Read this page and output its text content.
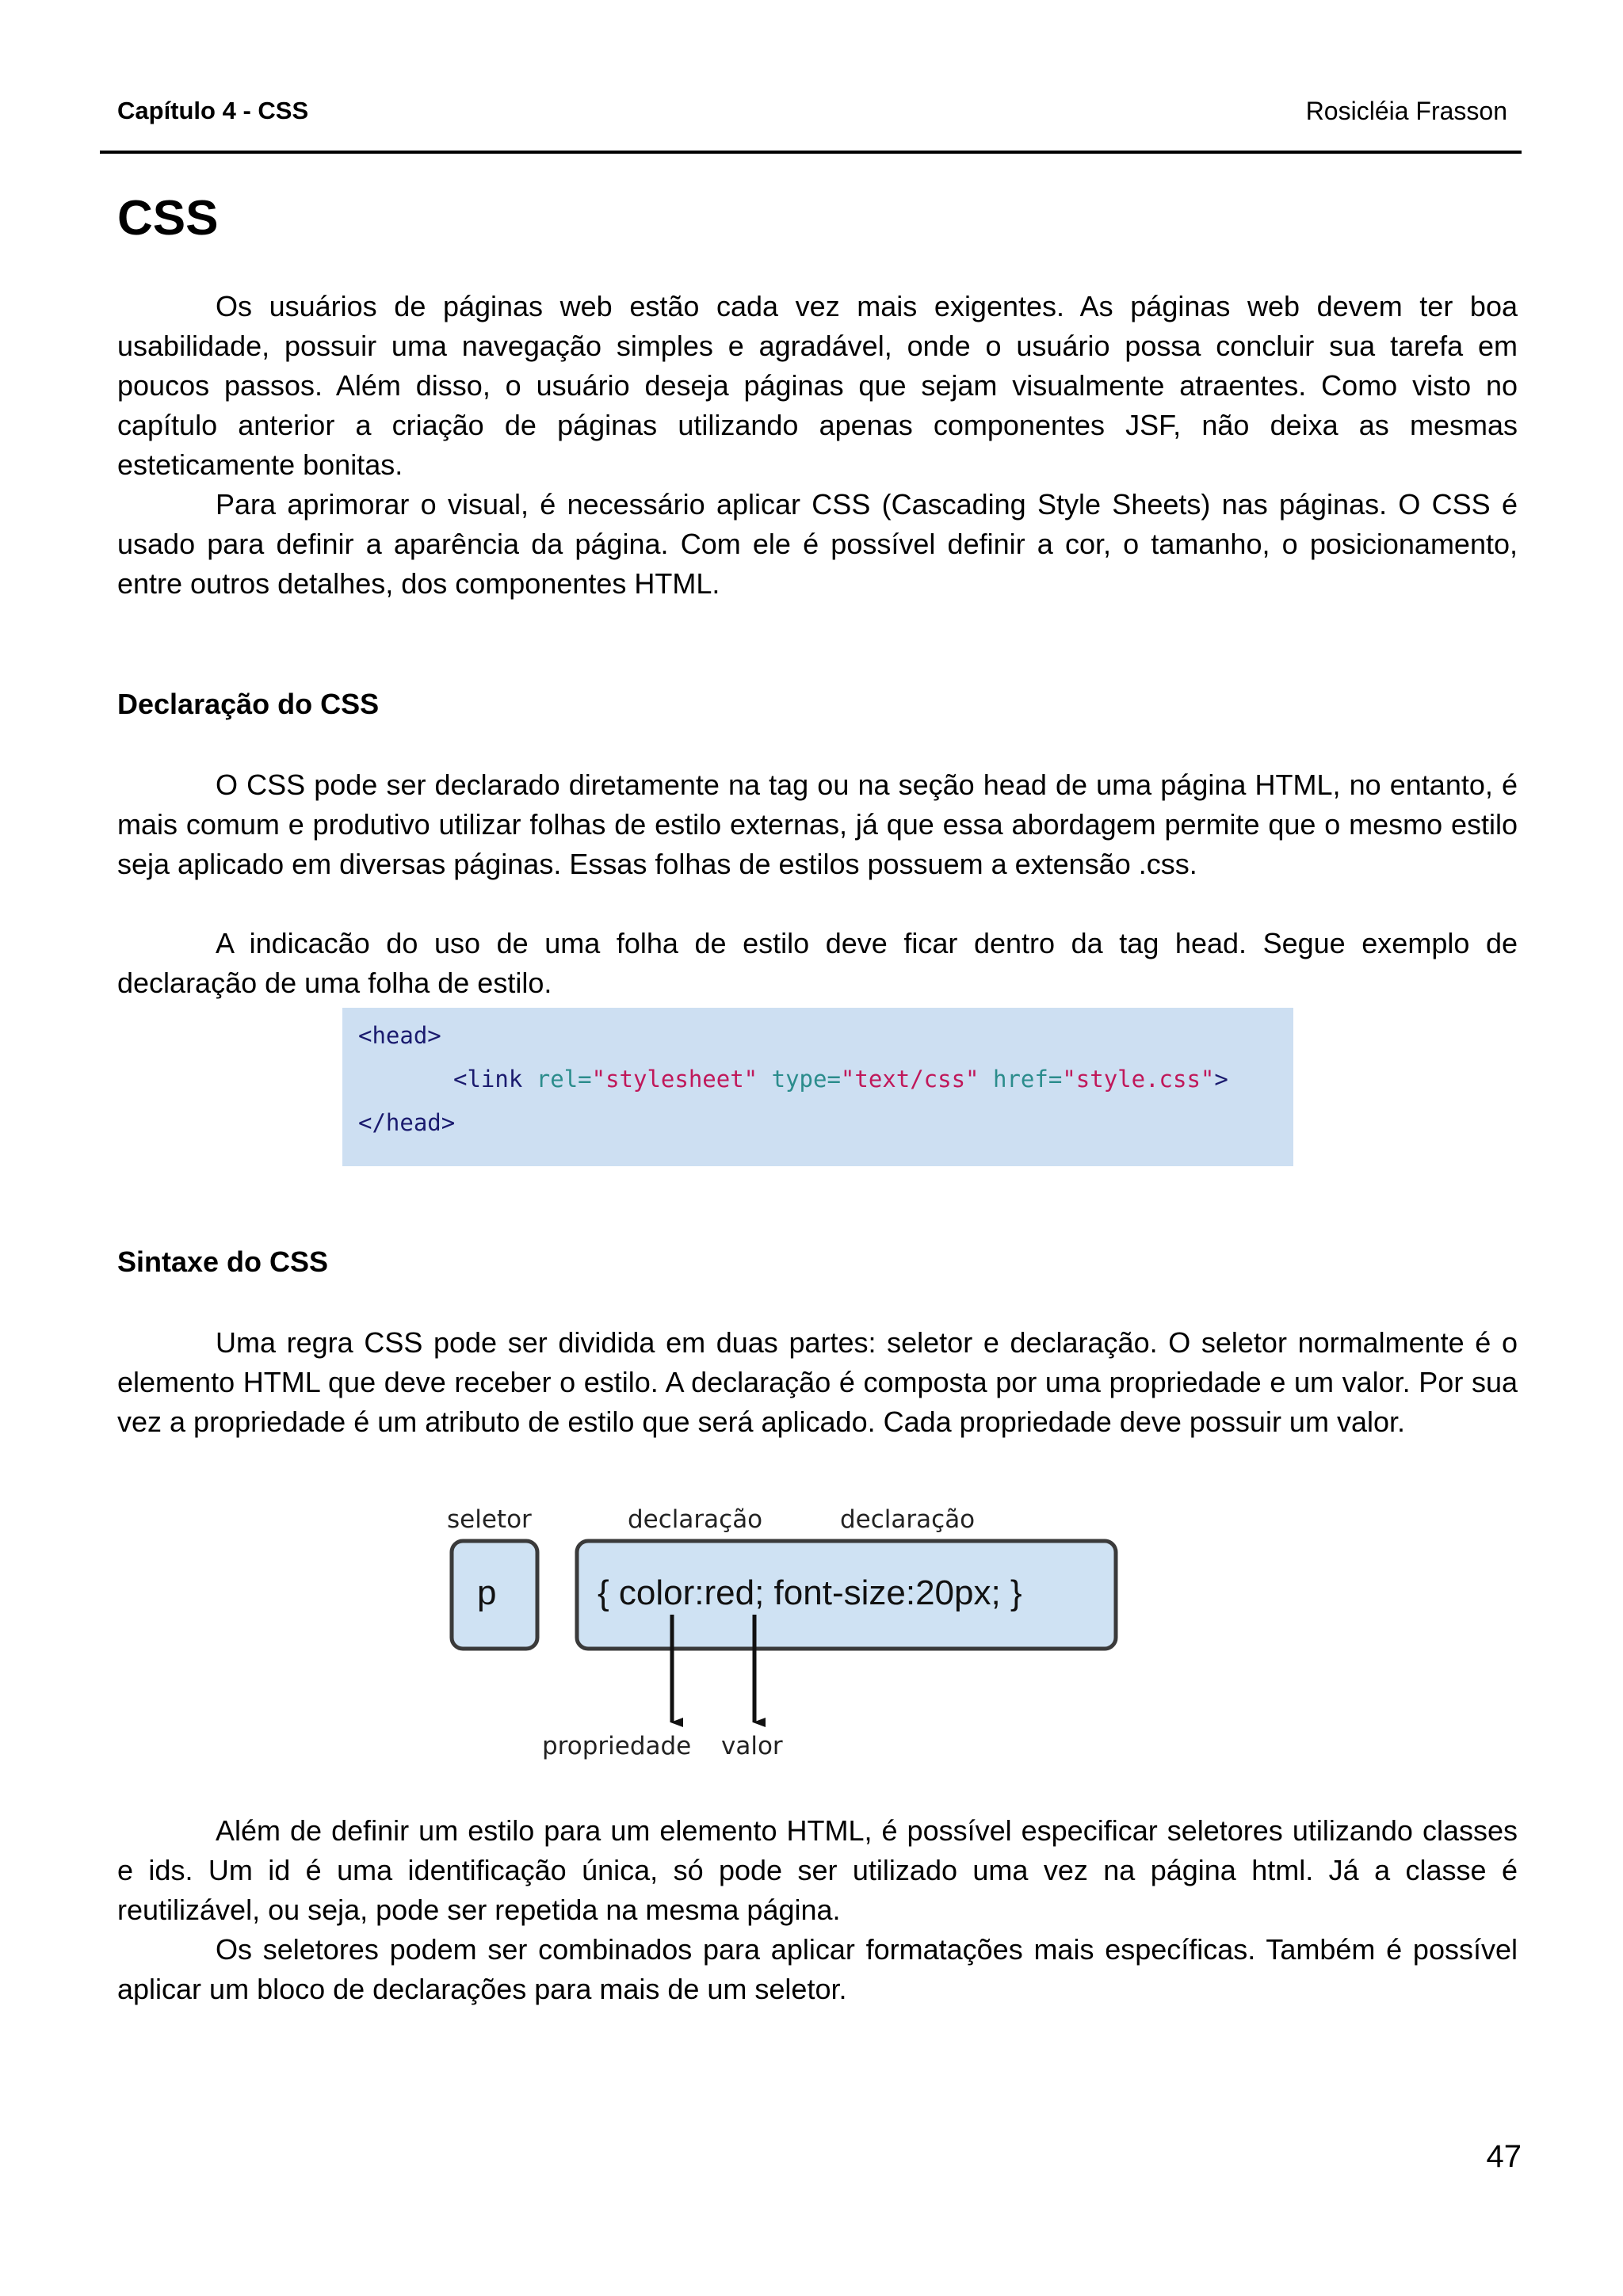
Capítulo 4 - CSS	Rosicléia Frasson
CSS

Os usuários de páginas web estão cada vez mais exigentes. As páginas web devem ter boa usabilidade, possuir uma navegação simples e agradável, onde o usuário possa concluir sua tarefa em poucos passos. Além disso, o usuário deseja páginas que sejam visualmente atraentes. Como visto no capítulo anterior a criação de páginas utilizando apenas componentes JSF, não deixa as mesmas esteticamente bonitas.

Para aprimorar o visual, é necessário aplicar CSS (Cascading Style Sheets) nas páginas. O CSS é usado para definir a aparência da página. Com ele é possível definir a cor, o tamanho, o posicionamento, entre outros detalhes, dos componentes HTML.

Declaração do CSS

O CSS pode ser declarado diretamente na tag ou na seção head de uma página HTML, no entanto, é mais comum e produtivo utilizar folhas de estilo externas, já que essa abordagem permite que o mesmo estilo seja aplicado em diversas páginas. Essas folhas de estilos possuem a extensão .css.

A indicacão do uso de uma folha de estilo deve ficar dentro da tag head. Segue exemplo de declaração de uma folha de estilo.

<head>
<link rel="stylesheet" type="text/css" href="style.css">
</head>
Sintaxe do CSS

Uma regra CSS pode ser dividida em duas partes: seletor e declaração. O seletor normalmente é o elemento HTML que deve receber o estilo. A declaração é composta por uma propriedade e um valor. Por sua vez a propriedade é um atributo de estilo que será aplicado. Cada propriedade deve possuir um valor.

seletor	declaração	declaração
p	{ color:red; font-size:20px; }
propriedade valor

Além de definir um estilo para um elemento HTML, é possível especificar seletores utilizando classes e ids. Um id é uma identificação única, só pode ser utilizado uma vez na página html. Já a classe é reutilizável, ou seja, pode ser repetida na mesma página.

Os seletores podem ser combinados para aplicar formatações mais específicas. Também é possível aplicar um bloco de declarações para mais de um seletor.

47
